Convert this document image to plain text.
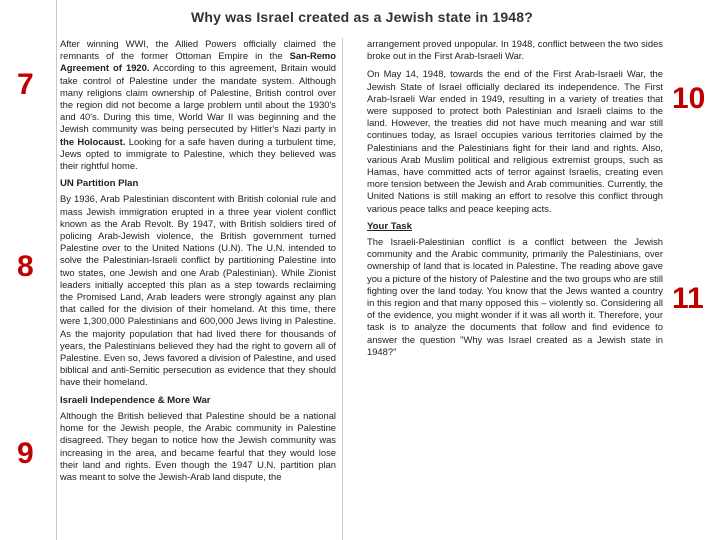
Why was Israel created as a Jewish state in 1948?

After winning WWI, the Allied Powers officially claimed the remnants of the former Ottoman Empire in the San-Remo Agreement of 1920. According to this agreement, Britain would take control of Palestine under the mandate system. Although many religions claim ownership of Palestine, British control over the region did not become a large problem until about the 1930's and 40's. During this time, World War II was beginning and the Jewish community was being persecuted by Hitler's Nazi party in the Holocaust. Looking for a safe haven during a turbulent time, Jews opted to immigrate to Palestine, which they believed was their rightful home.

UN Partition Plan

By 1936, Arab Palestinian discontent with British colonial rule and mass Jewish immigration erupted in a three year violent conflict known as the Arab Revolt. By 1947, with British soldiers tired of policing Arab-Jewish violence, the British government turned Palestine over to the United Nations (U.N). The U.N. intended to solve the Palestinian-Israeli conflict by partitioning Palestine into two states, one Jewish and one Arab (Palestinian). While Zionist leaders initially accepted this plan as a step towards reclaiming the Promised Land, Arab leaders were strongly against any plan that called for the division of their homeland. At this time, there were 1,300,000 Palestinians and 600,000 Jews living in Palestine. As the majority population that had lived there for thousands of years, the Palestinians believed they had the right to govern all of Palestine. Even so, Jews favored a division of Palestine, and used biblical and anti-Semitic persecution as evidence that they should have their homeland.

Israeli Independence & More War

Although the British believed that Palestine should be a national home for the Jewish people, the Arabic community in Palestine disagreed. They began to notice how the Jewish community was increasing in the area, and became fearful that they would lose their land and rights. Even though the 1947 U.N. partition plan was meant to solve the Jewish-Arab land dispute, the

arrangement proved unpopular. In 1948, conflict between the two sides broke out in the First Arab-Israeli War.

On May 14, 1948, towards the end of the First Arab-Israeli War, the Jewish State of Israel officially declared its independence. The First Arab-Israeli War ended in 1949, resulting in a variety of treaties that were supposed to protect both Palestinian and Israeli claims to the land. However, the treaties did not have much meaning and war still continues today, as Israel occupies various territories claimed by the Palestinians and the Palestinians fight for their land and rights. Also, various Arab Muslim political and religious extremist groups, such as Hamas, have committed acts of terror against Israelis, creating even more tension between the Jewish and Arab communities. Currently, the United Nations is still making an effort to resolve this conflict through various peace talks and peace keeping acts.

Your Task

The Israeli-Palestinian conflict is a conflict between the Jewish community and the Arabic community, primarily the Palestinians, over ownership of land that is located in Palestine. The reading above gave you a picture of the history of Palestine and the two groups who are still fighting over the land today. You know that the Jews wanted a country in this region and that many opposed this – violently so. Considering all of the evidence, you might wonder if it was all worth it. Therefore, your task is to analyze the documents that follow and find evidence to answer the question "Why was Israel created as a Jewish state in 1948?"

7
8
9
10
11
